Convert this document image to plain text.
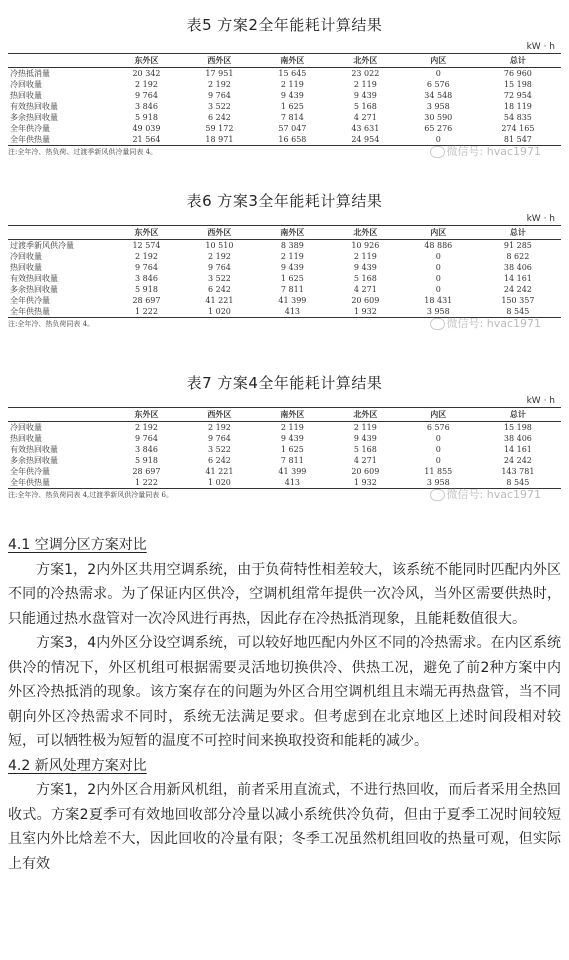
表5 方案2全年能耗计算结果
kW · h
	东外区	西外区	南外区	北外区	内区	总计
冷热抵消量	20 342	17 951	15 645	23 022	0	76 960
冷回收量	2 192	2 192	2 119	2 119	6 576	15 198
热回收量	9 764	9 764	9 439	9 439	34 548	72 954
有效热回收量	3 846	3 522	1 625	5 168	3 958	18 119
多余热回收量	5 918	6 242	7 814	4 271	30 590	54 835
全年供冷量	49 039	59 172	57 047	43 631	65 276	274 165
全年供热量	21 564	18 971	16 658	24 954	0	81 547
注:全年冷、热负荷、过渡季新风供冷量同表 4。	微信号: hvac1971
表6 方案3全年能耗计算结果
kW · h
	东外区	西外区	南外区	北外区	内区	总计
过渡季新风供冷量	12 574	10 510	8 389	10 926	48 886	91 285
冷回收量	2 192	2 192	2 119	2 119	0	8 622
热回收量	9 764	9 764	9 439	9 439	0	38 406
有效热回收量	3 846	3 522	1 625	5 168	0	14 161
多余热回收量	5 918	6 242	7 811	4 271	0	24 242
全年供冷量	28 697	41 221	41 399	20 609	18 431	150 357
全年供热量	1 222	1 020	413	1 932	3 958	8 545
注:全年冷、热负荷同表 4。	微信号: hvac1971
表7 方案4全年能耗计算结果
kW · h
	东外区	西外区	南外区	北外区	内区	总计
冷回收量	2 192	2 192	2 119	2 119	6 576	15 198
热回收量	9 764	9 764	9 439	9 439	0	38 406
有效热回收量	3 846	3 522	1 625	5 168	0	14 161
多余热回收量	5 918	6 242	7 811	4 271	0	24 242
全年供冷量	28 697	41 221	41 399	20 609	11 855	143 781
全年供热量	1 222	1 020	413	1 932	3 958	8 545
注:全年冷、热负荷同表 4,过渡季新风供冷量同表 6。	微信号: hvac1971
4.1 空调分区方案对比
方案1，2内外区共用空调系统，由于负荷特性相差较大，该系统不能同时匹配内外区不同的冷热需求。为了保证内区供冷，空调机组常年提供一次冷风，当外区需要供热时，只能通过热水盘管对一次冷风进行再热，因此存在冷热抵消现象，且能耗数值很大。
方案3，4内外区分设空调系统，可以较好地匹配内外区不同的冷热需求。在内区系统供冷的情况下，外区机组可根据需要灵活地切换供冷、供热工况，避免了前2种方案中内外区冷热抵消的现象。该方案存在的问题为外区合用空调机组且末端无再热盘管，当不同朝向外区冷热需求不同时，系统无法满足要求。但考虑到在北京地区上述时间段相对较短，可以牺牲极为短暂的温度不可控时间来换取投资和能耗的减少。
4.2 新风处理方案对比
方案1，2内外区合用新风机组，前者采用直流式，不进行热回收，而后者采用全热回收式。方案2夏季可有效地回收部分冷量以减小系统供冷负荷，但由于夏季工况时间较短且室内外比焓差不大，因此回收的冷量有限；冬季工况虽然机组回收的热量可观，但实际上有效
